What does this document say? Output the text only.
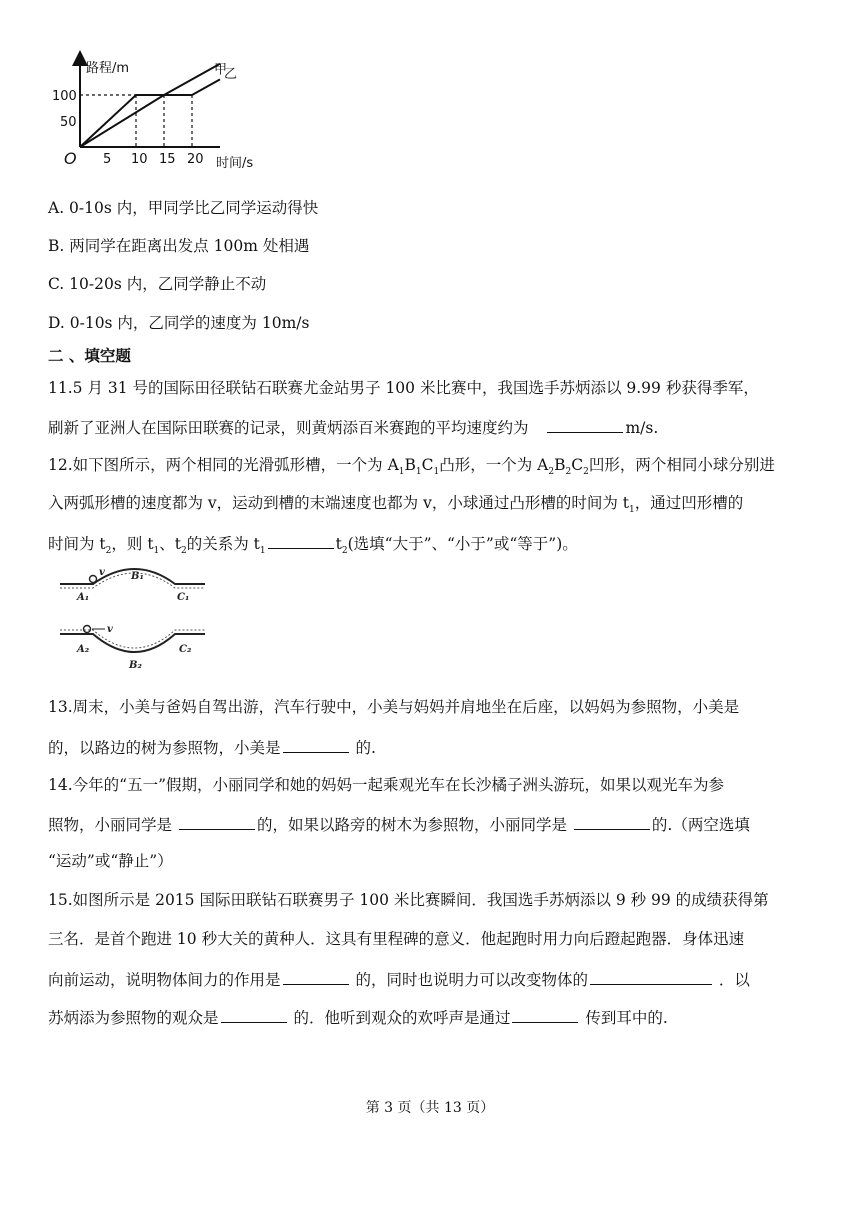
5 10 15 20
50
100
甲
乙
路程/m
时间/s
O
A. 0-10s 内，甲同学比乙同学运动得快
B. 两同学在距离出发点 100m 处相遇
C. 10-20s 内，乙同学静止不动
D. 0-10s 内，乙同学的速度为 10m/s
二 、填空题
11.5 月 31 号的国际田径联钻石联赛尤金站男子 100 米比赛中，我国选手苏炳添以 9.99 秒获得季军，
刷新了亚洲人在国际田联赛的记录，则黄炳添百米赛跑的平均速度约为	m/s.
12.如下图所示，两个相同的光滑弧形槽，一个为 $A_1B_1C_1$凸形，一个为 $A_2B_2C_2$凹形，两个相同小球分别进
入两弧形槽的速度都为 v，运动到槽的末端速度也都为 v，小球通过凸形槽的时间为 $t_1$，通过凹形槽的
时间为 $t_2$，则 $t_1$、$t_2$的关系为 $t_1$	$t_2$(选填“大于”、“小于”或“等于”)。
v
A₁
B₁
C₁
v
A₂
B₂
C₂
13.周末，小美与爸妈自驾出游，汽车行驶中，小美与妈妈并肩地坐在后座，以妈妈为参照物，小美是
的，以路边的树为参照物，小美是	的.
14.今年的“五一”假期，小丽同学和她的妈妈一起乘观光车在长沙橘子洲头游玩，如果以观光车为参
照物，小丽同学是	的，如果以路旁的树木为参照物，小丽同学是	的.（两空选填
“运动”或“静止”）
15.如图所示是 2015 国际田联钻石联赛男子 100 米比赛瞬间．我国选手苏炳添以 9 秒 99 的成绩获得第
三名．是首个跑进 10 秒大关的黄种人．这具有里程碑的意义．他起跑时用力向后蹬起跑器．身体迅速
向前运动，说明物体间力的作用是	的，同时也说明力可以改变物体的	．以
苏炳添为参照物的观众是	的．他听到观众的欢呼声是通过	传到耳中的.
第 3 页（共 13 页）
